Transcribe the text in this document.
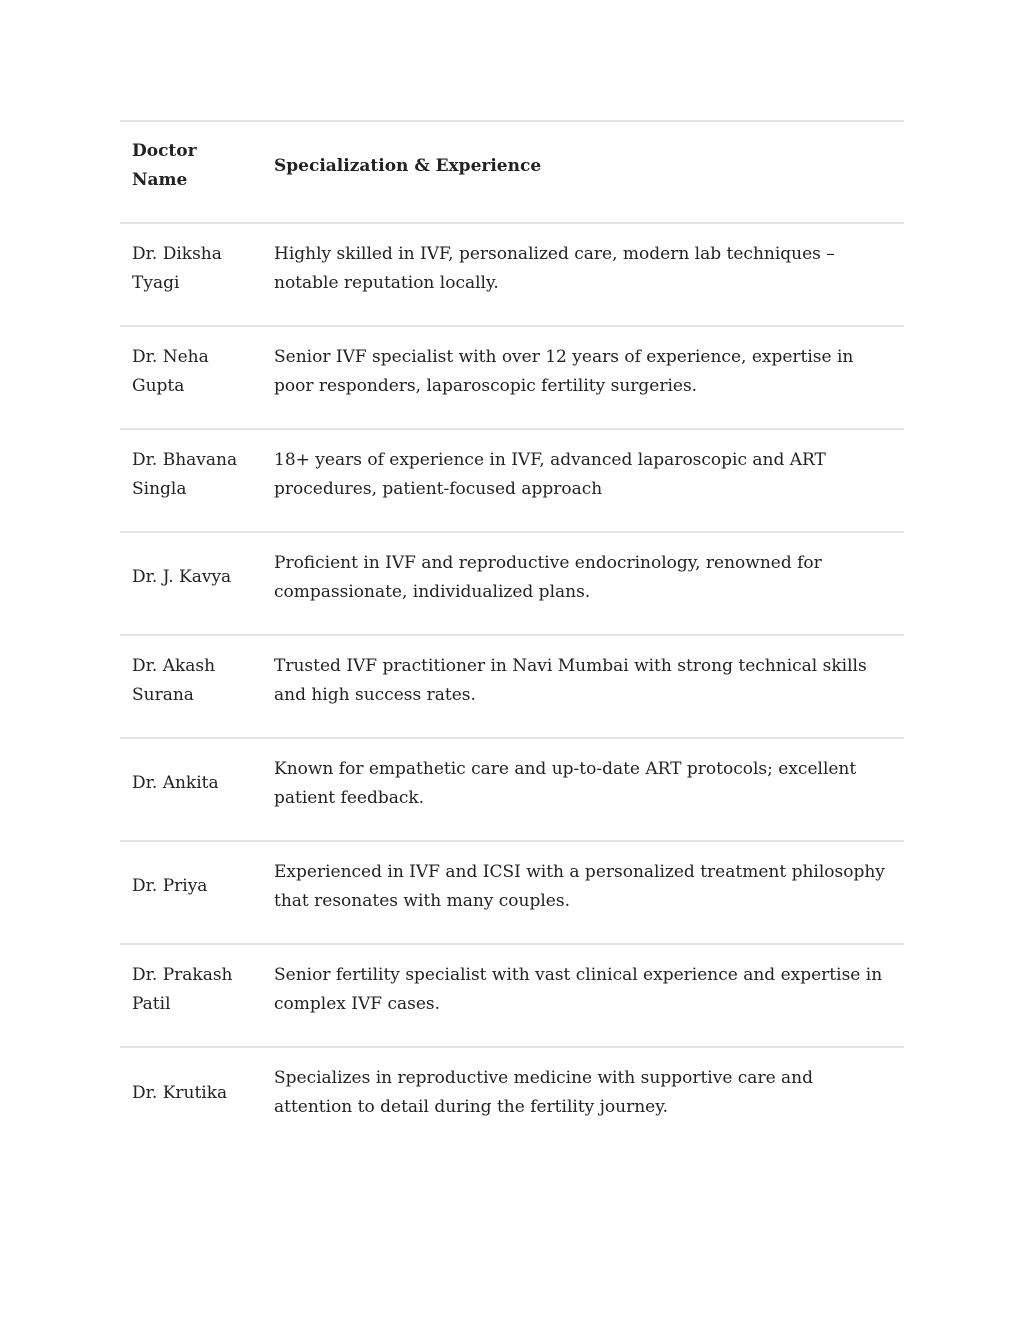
Doctor Name	Specialization & Experience
Dr. Diksha Tyagi	Highly skilled in IVF, personalized care, modern lab techniques – notable reputation locally.
Dr. Neha Gupta	Senior IVF specialist with over 12 years of experience, expertise in poor responders, laparoscopic fertility surgeries.
Dr. Bhavana Singla	18+ years of experience in IVF, advanced laparoscopic and ART procedures, patient-focused approach
Dr. J. Kavya	Proficient in IVF and reproductive endocrinology, renowned for compassionate, individualized plans.
Dr. Akash Surana	Trusted IVF practitioner in Navi Mumbai with strong technical skills and high success rates.
Dr. Ankita	Known for empathetic care and up-to-date ART protocols; excellent patient feedback.
Dr. Priya	Experienced in IVF and ICSI with a personalized treatment philosophy that resonates with many couples.
Dr. Prakash Patil	Senior fertility specialist with vast clinical experience and expertise in complex IVF cases.
Dr. Krutika	Specializes in reproductive medicine with supportive care and attention to detail during the fertility journey.
